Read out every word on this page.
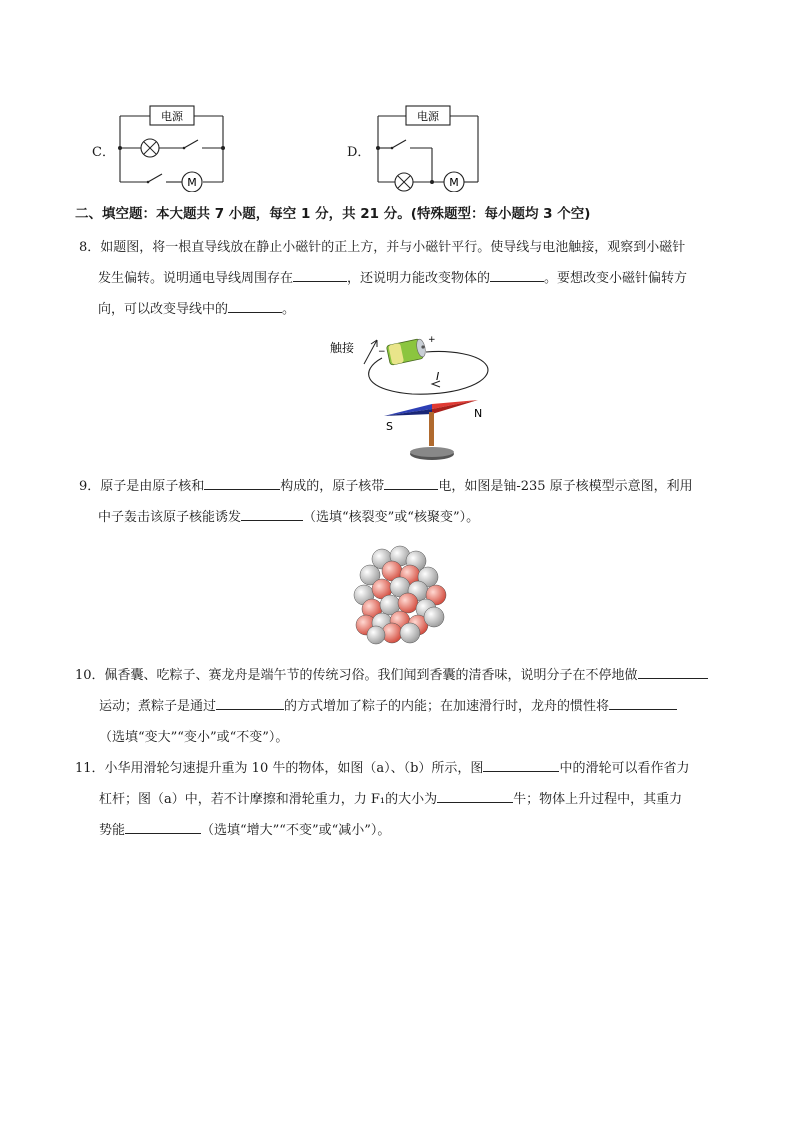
C．
电源
M
D．
电源
M
二、填空题：本大题共 7 小题，每空 1 分，共 21 分。(特殊题型：每小题均 3 个空)
8．如题图，将一根直导线放在静止小磁针的正上方，并与小磁针平行。使导线与电池触接，观察到小磁针
发生偏转。说明通电导线周围存在	，还说明力能改变物体的	。要想改变小磁针偏转方
向，可以改变导线中的	。
触接
I
+
−
S
N
9．原子是由原子核和	构成的，原子核带	电，如图是铀-235 原子核模型示意图，利用
中子轰击该原子核能诱发	（选填“核裂变”或“核聚变”）。
10．佩香囊、吃粽子、赛龙舟是端午节的传统习俗。我们闻到香囊的清香味，说明分子在不停地做
运动；煮粽子是通过	的方式增加了粽子的内能；在加速滑行时，龙舟的惯性将
（选填“变大”“变小”或“不变”）。
11．小华用滑轮匀速提升重为 10 牛的物体，如图（a）、（b）所示，图	中的滑轮可以看作省力
杠杆；图（a）中，若不计摩擦和滑轮重力，力 F₁的大小为	牛；物体上升过程中，其重力
势能	（选填“增大”“不变”或“减小”）。
